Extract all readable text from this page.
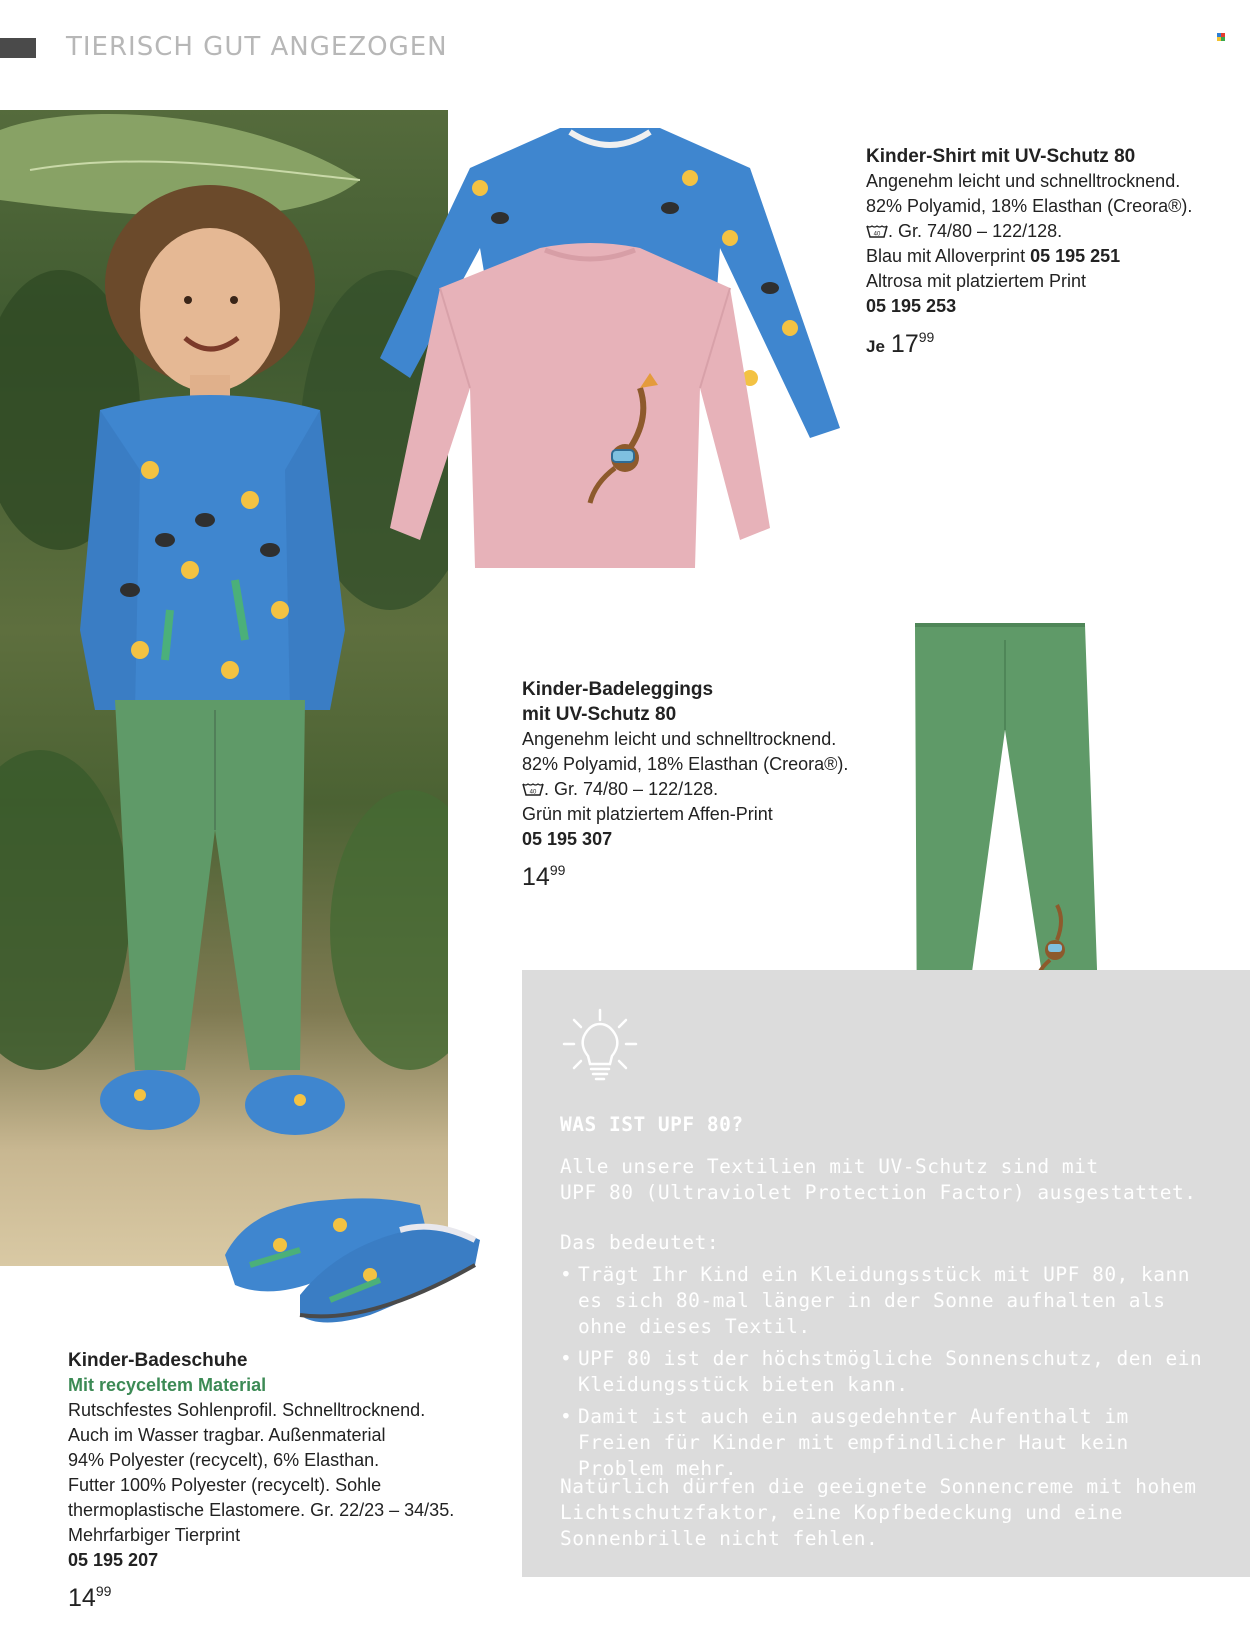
TIERISCH GUT ANGEZOGEN
Kinder-Shirt mit UV-Schutz 80
Angenehm leicht und schnelltrocknend.
82% Polyamid, 18% Elasthan (Creora®).
40 . Gr. 74/80 – 122/128.
Blau mit Alloverprint 05 195 251
Altrosa mit platziertem Print
05 195 253
Je $17^{99}$
Kinder-Badeleggings
mit UV-Schutz 80
Angenehm leicht und schnelltrocknend.
82% Polyamid, 18% Elasthan (Creora®).
40 . Gr. 74/80 – 122/128.
Grün mit platziertem Affen-Print
05 195 307
$14^{99}$
Kinder-Badeschuhe
Mit recyceltem Material
Rutschfestes Sohlenprofil. Schnelltrocknend.
Auch im Wasser tragbar. Außenmaterial
94% Polyester (recycelt), 6% Elasthan.
Futter 100% Polyester (recycelt). Sohle
thermoplastische Elastomere. Gr. 22/23 – 34/35.
Mehrfarbiger Tierprint
05 195 207
$14^{99}$
WAS IST UPF 80?
Alle unsere Textilien mit UV-Schutz sind mit
UPF 80 (Ultraviolet Protection Factor) ausgestattet.
Das bedeutet:
• Trägt Ihr Kind ein Kleidungsstück mit UPF 80, kann es sich 80-mal länger in der Sonne aufhalten als ohne dieses Textil.
• UPF 80 ist der höchstmögliche Sonnenschutz, den ein Kleidungsstück bieten kann.
• Damit ist auch ein ausgedehnter Aufenthalt im Freien für Kinder mit empfindlicher Haut kein Problem mehr.
Natürlich dürfen die geeignete Sonnencreme mit hohem Lichtschutzfaktor, eine Kopfbedeckung und eine Sonnenbrille nicht fehlen.
